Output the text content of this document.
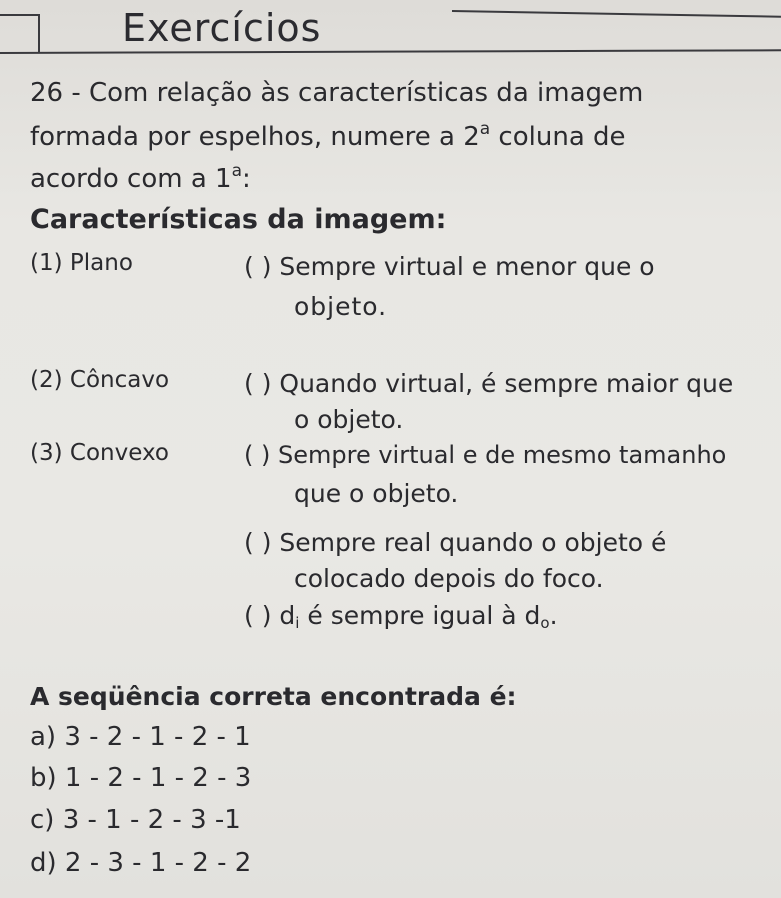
Exercícios
26 - Com relação às características da imagem
formada por espelhos, numere a 2$^a$ coluna de
acordo com a 1$^a$:
Características da imagem:
(1) Plano
(2) Côncavo
(3) Convexo
( ) Sempre virtual e menor que o
objeto.
( ) Quando virtual, é sempre maior que
o objeto.
( ) Sempre virtual e de mesmo tamanho
que o objeto.
( ) Sempre real quando o objeto é
colocado depois do foco.
( ) $d_i$ é sempre igual à $d_o$.
A seqüência correta encontrada é:
a) 3 - 2 - 1 - 2 - 1
b) 1 - 2 - 1 - 2 - 3
c) 3 - 1 - 2 - 3 -1
d) 2 - 3 - 1 - 2 - 2
